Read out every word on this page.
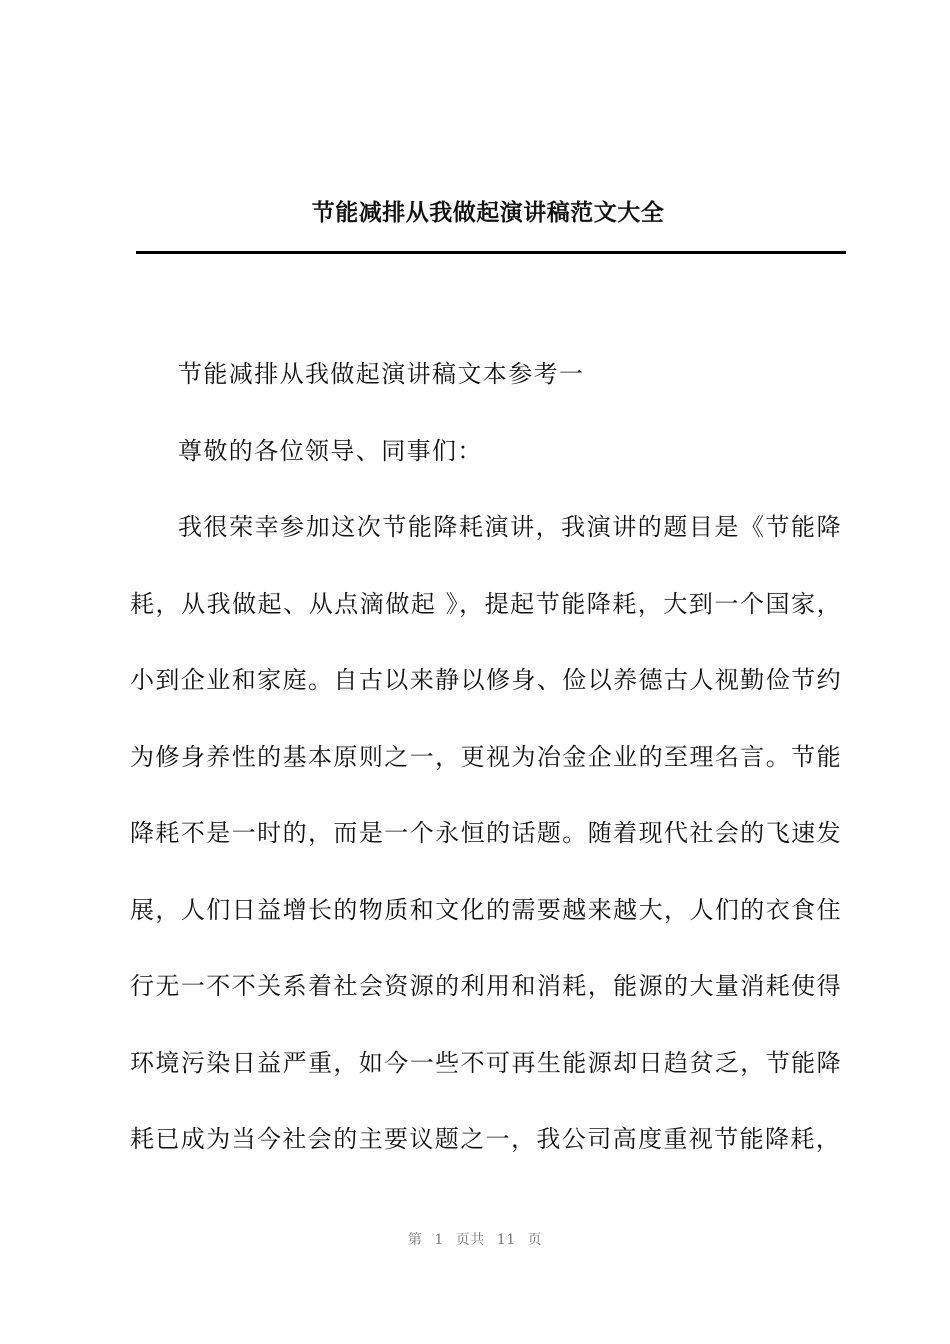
节能减排从我做起演讲稿范文大全

节能减排从我做起演讲稿文本参考一

尊敬的各位领导、同事们：

我很荣幸参加这次节能降耗演讲，我演讲的题目是《节能降耗，从我做起、从点滴做起 》，提起节能降耗，大到一个国家，小到企业和家庭。自古以来静以修身、俭以养德古人视勤俭节约为修身养性的基本原则之一，更视为冶金企业的至理名言。节能降耗不是一时的，而是一个永恒的话题。随着现代社会的飞速发展，人们日益增长的物质和文化的需要越来越大，人们的衣食住行无一不不关系着社会资源的利用和消耗，能源的大量消耗使得环境污染日益严重，如今一些不可再生能源却日趋贫乏，节能降耗已成为当今社会的主要议题之一，我公司高度重视节能降耗，

第 1 页共 11 页
